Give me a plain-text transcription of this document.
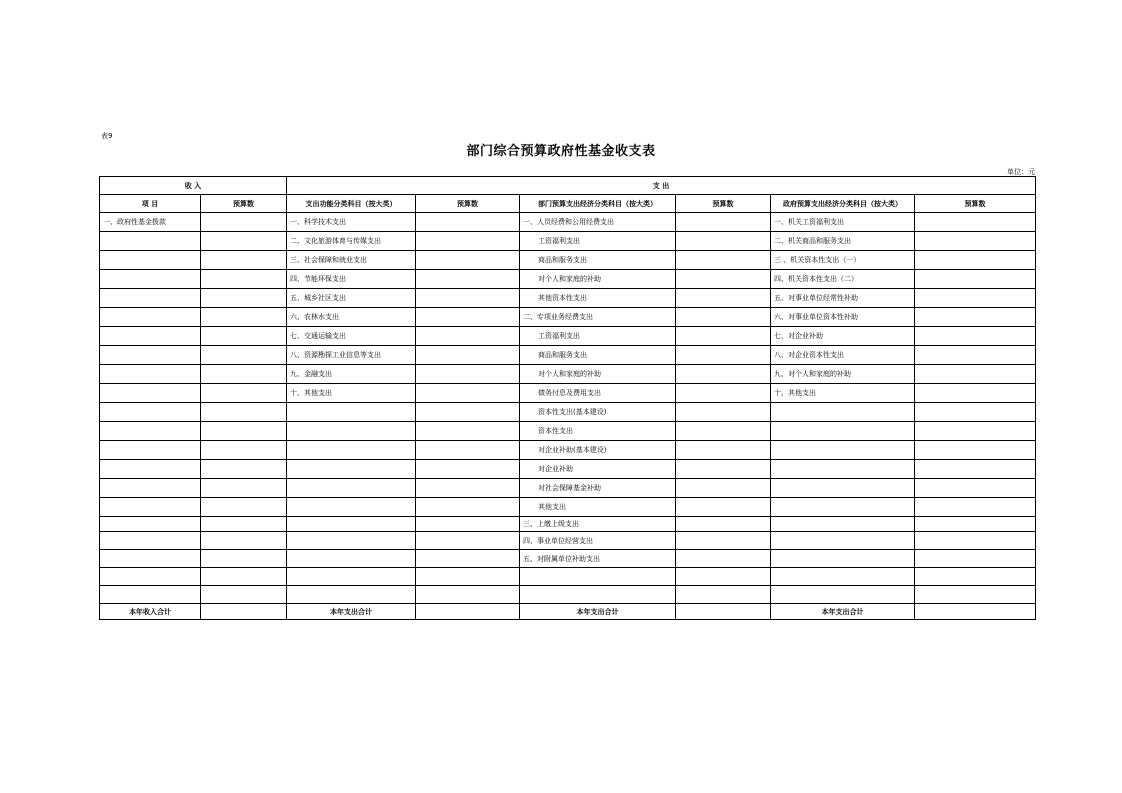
表9
部门综合预算政府性基金收支表
单位：元
收 入		支 出					
项 目	预算数	支出功能分类科目（按大类）	预算数	部门预算支出经济分类科目（按大类）	预算数	政府预算支出经济分类科目（按大类）	预算数
一、政府性基金拨款		一、科学技术支出		一、人员经费和公用经费支出		一、机关工资福利支出	
		二、文化旅游体育与传媒支出		工资福利支出		二、机关商品和服务支出	
		三、社会保障和就业支出		商品和服务支出		三 、机关资本性支出（一）	
		四、节能环保支出		对个人和家庭的补助		四、机关资本性支出（二）	
		五、城乡社区支出		其他资本性支出		五、对事业单位经常性补助	
		六、农林水支出		二、专项业务经费支出		六、对事业单位资本性补助	
		七、交通运输支出		工资福利支出		七、对企业补助	
		八、资源勘探工业信息等支出		商品和服务支出		八、对企业资本性支出	
		九、金融支出		对个人和家庭的补助		九、对个人和家庭的补助	
		十、其他支出		债务付息及费用支出		十、其他支出	
				资本性支出(基本建设)			
				资本性支出			
				对企业补助(基本建设)			
				对企业补助			
				对社会保障基金补助			
				其他支出			
				三、上缴上级支出			
				四、事业单位经营支出			
				五、对附属单位补助支出			

本年收入合计		本年支出合计		本年支出合计		本年支出合计	
